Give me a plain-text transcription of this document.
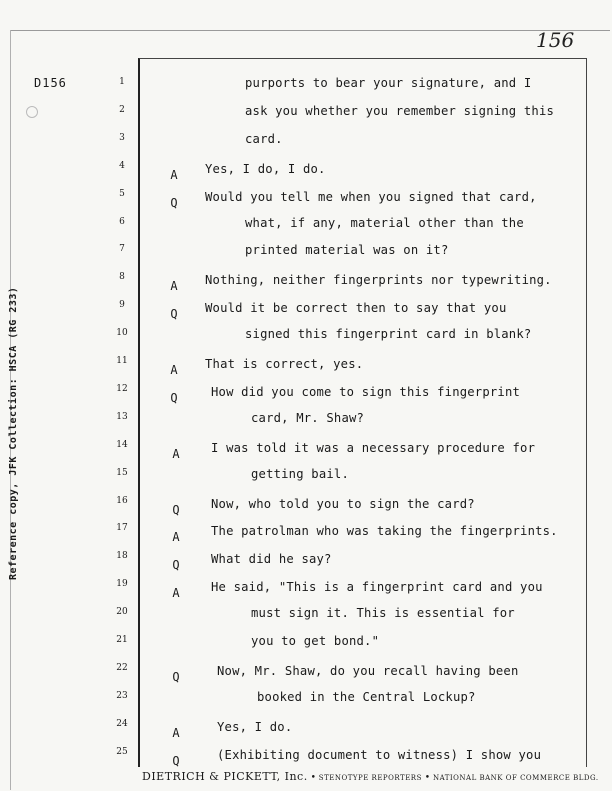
156
D156
Reference copy, JFK Collection: HSCA (RG 233)
1	purports to bear your signature, and I
2	ask you whether you remember signing this
3	card.
4
A	Yes, I do, I do.
5
Q	Would you tell me when you signed that card,
6	what, if any, material other than the
7	printed material was on it?
8
A	Nothing, neither fingerprints nor typewriting.
9
Q	Would it be correct then to say that you
10	signed this fingerprint card in blank?
11
A	That is correct, yes.
12
Q	How did you come to sign this fingerprint
13	card, Mr. Shaw?
14
A	I was told it was a necessary procedure for
15	getting bail.
16
Q	Now, who told you to sign the card?
17
A	The patrolman who was taking the fingerprints.
18
Q	What did he say?
19
A	He said, "This is a fingerprint card and you
20	must sign it. This is essential for
21	you to get bond."
22
Q	Now, Mr. Shaw, do you recall having been
23	booked in the Central Lockup?
24
A	Yes, I do.
25
Q	(Exhibiting document to witness) I show you
DIETRICH & PICKETT, Inc. • STENOTYPE REPORTERS • NATIONAL BANK OF COMMERCE BLDG.
